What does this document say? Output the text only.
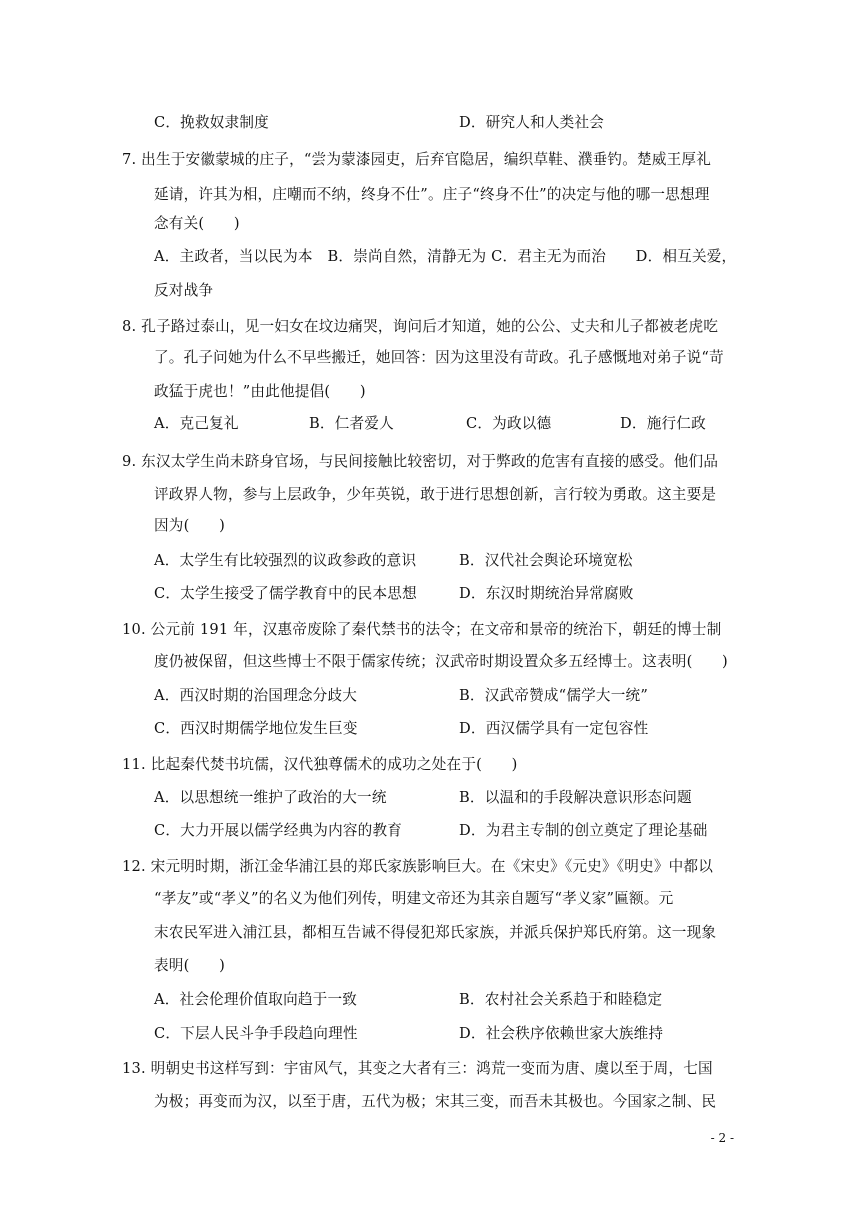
C．挽救奴隶制度	D．研究人和人类社会
7. 出生于安徽蒙城的庄子，“尝为蒙漆园吏，后弃官隐居，编织草鞋、濮垂钓。楚威王厚礼
延请，许其为相，庄嘲而不纳，终身不仕”。庄子“终身不仕”的决定与他的哪一思想理
念有关(　　)
A．主政者，当以民为本　B．崇尚自然，清静无为 C．君主无为而治　　D．相互关爱，
反对战争
8. 孔子路过泰山，见一妇女在坟边痛哭，询问后才知道，她的公公、丈夫和儿子都被老虎吃
了。孔子问她为什么不早些搬迁，她回答：因为这里没有苛政。孔子感慨地对弟子说“苛
政猛于虎也！”由此他提倡(　　)
A．克己复礼	B．仁者爱人	C．为政以德	D．施行仁政
9. 东汉太学生尚未跻身官场，与民间接触比较密切，对于弊政的危害有直接的感受。他们品
评政界人物，参与上层政争，少年英锐，敢于进行思想创新，言行较为勇敢。这主要是
因为(　　)
A．太学生有比较强烈的议政参政的意识	B．汉代社会舆论环境宽松
C．太学生接受了儒学教育中的民本思想	D．东汉时期统治异常腐败
10. 公元前 191 年，汉惠帝废除了秦代禁书的法令；在文帝和景帝的统治下，朝廷的博士制
度仍被保留，但这些博士不限于儒家传统；汉武帝时期设置众多五经博士。这表明(　　)
A．西汉时期的治国理念分歧大	B．汉武帝赞成“儒学大一统”
C．西汉时期儒学地位发生巨变	D．西汉儒学具有一定包容性
11. 比起秦代焚书坑儒，汉代独尊儒术的成功之处在于(　　)
A．以思想统一维护了政治的大一统	B．以温和的手段解决意识形态问题
C．大力开展以儒学经典为内容的教育	D．为君主专制的创立奠定了理论基础
12. 宋元明时期，浙江金华浦江县的郑氏家族影响巨大。在《宋史》《元史》《明史》中都以
“孝友”或“孝义”的名义为他们列传，明建文帝还为其亲自题写“孝义家”匾额。元
末农民军进入浦江县，都相互告诫不得侵犯郑氏家族，并派兵保护郑氏府第。这一现象
表明(　　)
A．社会伦理价值取向趋于一致	B．农村社会关系趋于和睦稳定
C．下层人民斗争手段趋向理性	D．社会秩序依赖世家大族维持
13. 明朝史书这样写到：宇宙风气，其变之大者有三：鸿荒一变而为唐、虞以至于周，七国
为极；再变而为汉，以至于唐，五代为极；宋其三变，而吾未其极也。今国家之制、民
- 2 -
